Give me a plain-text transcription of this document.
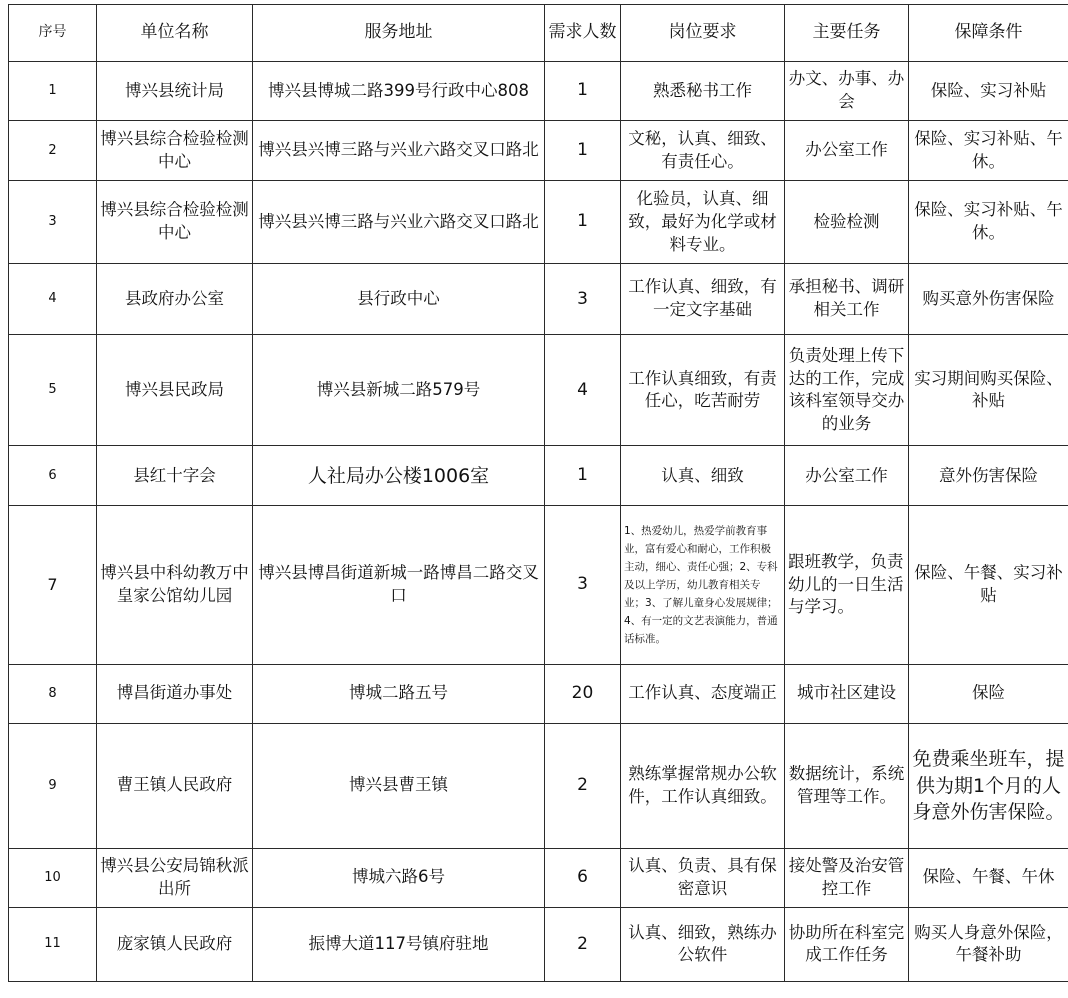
序号	单位名称	服务地址	需求人数	岗位要求	主要任务	保障条件
1	博兴县统计局	博兴县博城二路399号行政中心808	1	熟悉秘书工作	办文、办事、办会	保险、实习补贴
2	博兴县综合检验检测中心	博兴县兴博三路与兴业六路交叉口路北	1	文秘，认真、细致、有责任心。	办公室工作	保险、实习补贴、午休。
3	博兴县综合检验检测中心	博兴县兴博三路与兴业六路交叉口路北	1	化验员，认真、细致，最好为化学或材料专业。	检验检测	保险、实习补贴、午休。
4	县政府办公室	县行政中心	3	工作认真、细致，有一定文字基础	承担秘书、调研相关工作	购买意外伤害保险
5	博兴县民政局	博兴县新城二路579号	4	工作认真细致，有责任心，吃苦耐劳	负责处理上传下达的工作，完成该科室领导交办的业务	实习期间购买保险、补贴
6	县红十字会	人社局办公楼1006室	1	认真、细致	办公室工作	意外伤害保险
7	博兴县中科幼教万中皇家公馆幼儿园	博兴县博昌街道新城一路博昌二路交叉口	3	1、热爱幼儿，热爱学前教育事业，富有爱心和耐心，工作积极主动，细心、责任心强；2、专科及以上学历，幼儿教育相关专业；3、了解儿童身心发展规律；4、有一定的文艺表演能力，普通话标准。	跟班教学，负责幼儿的一日生活与学习。	保险、午餐、实习补贴
8	博昌街道办事处	博城二路五号	20	工作认真、态度端正	城市社区建设	保险
9	曹王镇人民政府	博兴县曹王镇	2	熟练掌握常规办公软件，工作认真细致。	数据统计，系统管理等工作。	免费乘坐班车，提供为期1个月的人身意外伤害保险。
10	博兴县公安局锦秋派出所	博城六路6号	6	认真、负责、具有保密意识	接处警及治安管控工作	保险、午餐、午休
11	庞家镇人民政府	振博大道117号镇府驻地	2	认真、细致，熟练办公软件	协助所在科室完成工作任务	购买人身意外保险，午餐补助
